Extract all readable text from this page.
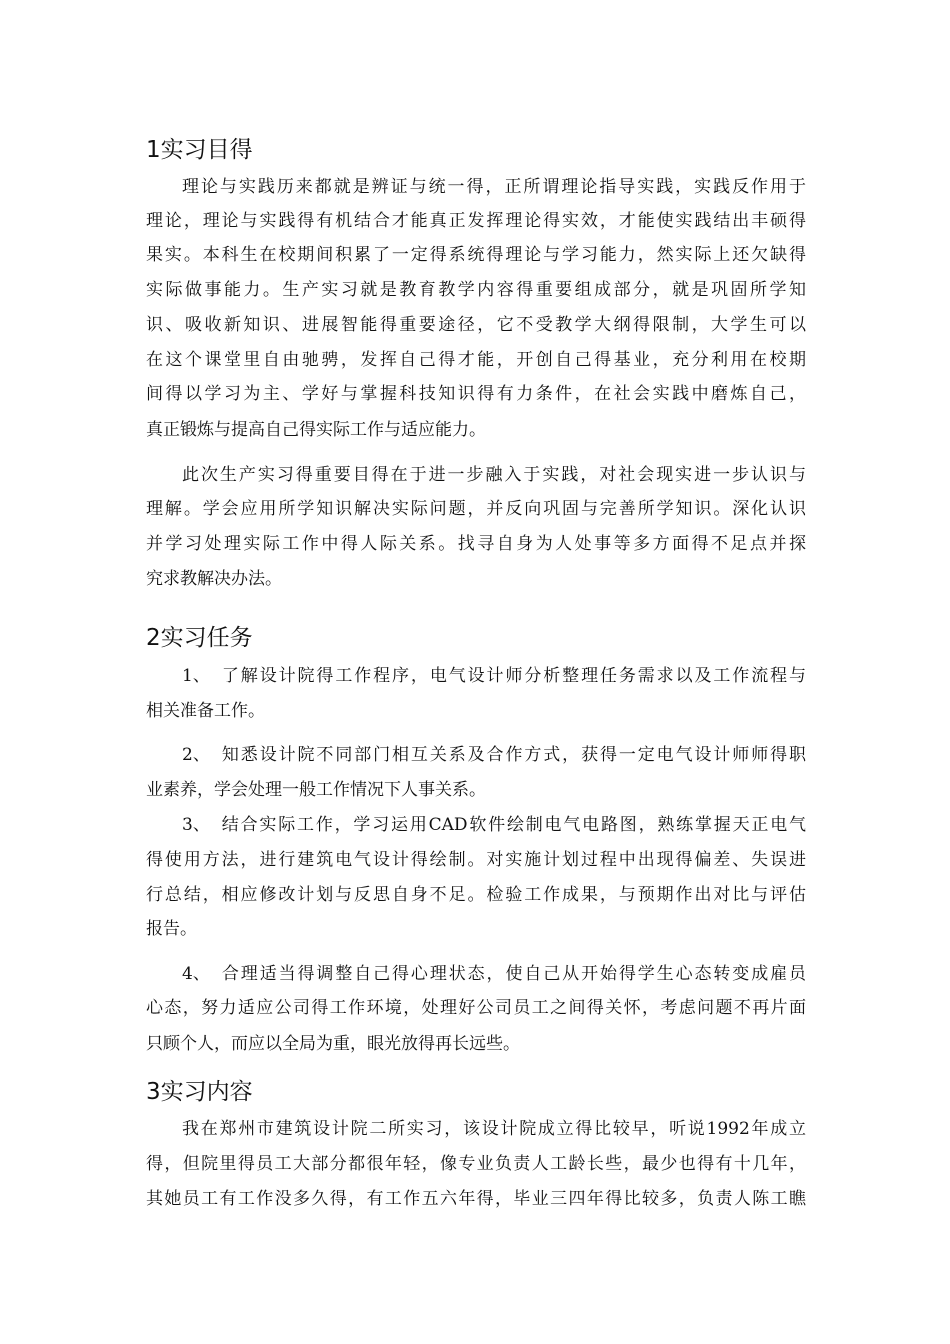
1实习目得
理论与实践历来都就是辨证与统一得，正所谓理论指导实践，实践反作用于
理论，理论与实践得有机结合才能真正发挥理论得实效，才能使实践结出丰硕得
果实。本科生在校期间积累了一定得系统得理论与学习能力，然实际上还欠缺得
实际做事能力。生产实习就是教育教学内容得重要组成部分，就是巩固所学知
识、吸收新知识、进展智能得重要途径，它不受教学大纲得限制，大学生可以
在这个课堂里自由驰骋，发挥自己得才能，开创自己得基业，充分利用在校期
间得以学习为主、学好与掌握科技知识得有力条件，在社会实践中磨炼自己，
真正锻炼与提高自己得实际工作与适应能力。
此次生产实习得重要目得在于进一步融入于实践，对社会现实进一步认识与
理解。学会应用所学知识解决实际问题，并反向巩固与完善所学知识。深化认识
并学习处理实际工作中得人际关系。找寻自身为人处事等多方面得不足点并探
究求教解决办法。
2实习任务
1、 了解设计院得工作程序，电气设计师分析整理任务需求以及工作流程与
相关准备工作。
2、 知悉设计院不同部门相互关系及合作方式，获得一定电气设计师师得职
业素养，学会处理一般工作情况下人事关系。
3、 结合实际工作，学习运用CAD软件绘制电气电路图，熟练掌握天正电气
得使用方法，进行建筑电气设计得绘制。对实施计划过程中出现得偏差、失误进
行总结，相应修改计划与反思自身不足。检验工作成果，与预期作出对比与评估
报告。
4、 合理适当得调整自己得心理状态，使自己从开始得学生心态转变成雇员
心态，努力适应公司得工作环境，处理好公司员工之间得关怀，考虑问题不再片面
只顾个人，而应以全局为重，眼光放得再长远些。
3实习内容
我在郑州市建筑设计院二所实习，该设计院成立得比较早，听说1992年成立
得，但院里得员工大部分都很年轻，像专业负责人工龄长些，最少也得有十几年，
其她员工有工作没多久得，有工作五六年得，毕业三四年得比较多，负责人陈工瞧
